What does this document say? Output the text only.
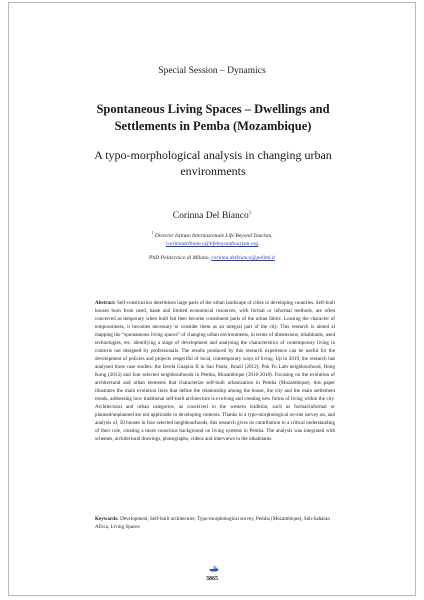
Special Session – Dynamics
Spontaneous Living Spaces – Dwellings and
Settlements in Pemba (Mozambique)
A typo-morphological analysis in changing urban
environments
Corinna Del Bianco$^1$
$^1$ Director Istituto Internazionale Life Beyond Tourism,
corinnadelbianco@lifebeyondtourism.org
PhD Politecnico di Milano, corinna.delbianco@polimi.it
Abstract: Self-construction determines large parts of the urban landscape of cities in developing countries. Self-built houses born from need, haste and limited economical resources, with formal or informal methods, are often conceived as temporary when built but then become constituent parts of the urban fabric. Loosing the character of temporariness, it becomes necessary to consider them as an integral part of the city. This research is aimed at mapping the “spontaneous living spaces” of changing urban environments, in terms of dimensions, inhabitants, used technologies, etc. identifying a stage of development and analysing the characteristics of contemporary living in contexts not designed by professionals. The results produced by this research experience can be useful for the development of policies and projects respectful of local, contemporary ways of living. Up to 2019, the research has analysed three case studies: the favela Guapira II in Sao Paulo, Brazil (2012); Pok Fu Lam neighbourhood, Hong Kong (2013) and four selected neighbourhoods in Pemba, Mozambique (2016-2018). Focusing on the evolution of architectural and urban elements that characterize self-built urbanization in Pemba (Mozambique), this paper illustrates the main evolution lines that define the relationship among the house, the city and the main settlement trends, addressing how traditional self-built architecture is evolving and creating new forms of living within the city. Architectural and urban categories, as conceived in the western tradition, such as formal/informal or planned/unplanned are not applicable in developing contexts. Thanks to a typo-morphological on-site survey on, and analysis of, 50 houses in four selected neighbourhoods, this research gives its contribution to a critical understanding of their role, creating a more conscious background on living systems in Pemba. The analysis was integrated with schemes, architectural drawings, photographs, videos and interviews to the inhabitants.
Keywords: Development, Self-built architecture, Typo-morphological survey, Pemba (Mozambique), Sub-Saharan Africa, Living Spaces
3865
